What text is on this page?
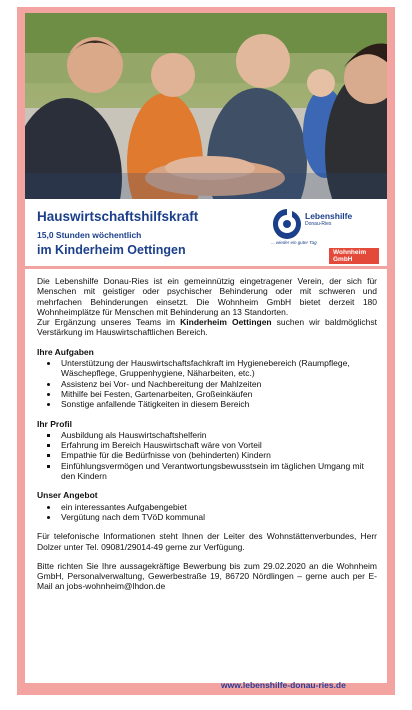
Hauswirtschaftshilfskraft
15,0 Stunden wöchentlich
im Kinderheim Oettingen
Lebenshilfe
Donau-Ries
... wieder ein guter Tag
Wohnheim GmbH

Die Lebenshilfe Donau-Ries ist ein gemeinnützig eingetragener Verein, der sich für Menschen mit geistiger oder psychischer Behinderung oder mit schweren und mehrfachen Behinderungen einsetzt. Die Wohnheim GmbH bietet derzeit 180 Wohnheimplätze für Menschen mit Behinderung an 13 Standorten.

Zur Ergänzung unseres Teams im Kinderheim Oettingen suchen wir baldmöglichst Verstärkung im Hauswirtschaftlichen Bereich.

Ihre Aufgaben
• Unterstützung der Hauswirtschaftsfachkraft im Hygienebereich (Raumpflege, Wäschepflege, Gruppenhygiene, Näharbeiten, etc.)
• Assistenz bei Vor- und Nachbereitung der Mahlzeiten
• Mithilfe bei Festen, Gartenarbeiten, Großeinkäufen
• Sonstige anfallende Tätigkeiten in diesem Bereich
Ihr Profil
▪ Ausbildung als Hauswirtschaftshelferin
▪ Erfahrung im Bereich Hauswirtschaft wäre von Vorteil
▪ Empathie für die Bedürfnisse von (behinderten) Kindern
▪ Einfühlungsvermögen und Verantwortungsbewusstsein im täglichen Umgang mit den Kindern
Unser Angebot
• ein interessantes Aufgabengebiet
• Vergütung nach dem TVöD kommunal

Für telefonische Informationen steht Ihnen der Leiter des Wohnstättenverbundes, Herr Dolzer unter Tel. 09081/29014-49 gerne zur Verfügung.

Bitte richten Sie Ihre aussagekräftige Bewerbung bis zum 29.02.2020 an die Wohnheim GmbH, Personalverwaltung, Gewerbestraße 19, 86720 Nördlingen – gerne auch per E-Mail an jobs-wohnheim@lhdon.de

www.lebenshilfe-donau-ries.de
